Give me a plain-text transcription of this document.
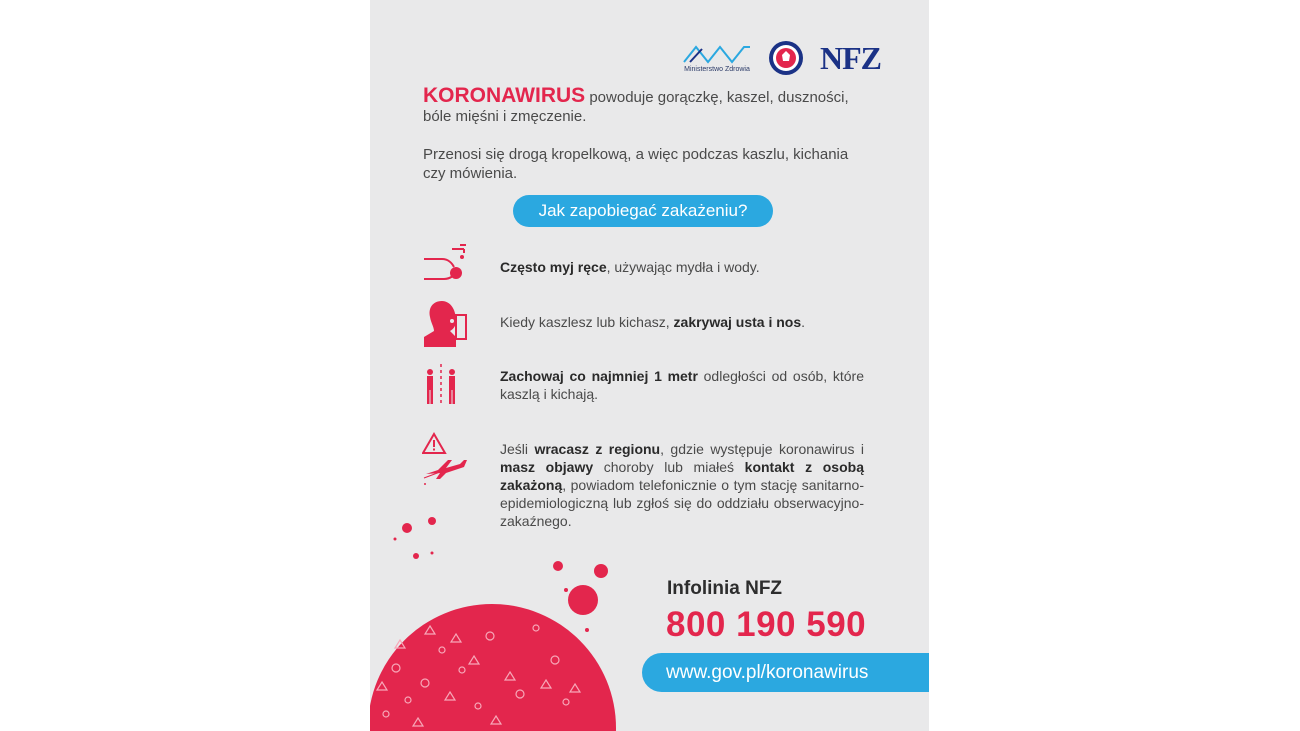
Ministerstwo Zdrowia NFZ

KORONAWIRUS powoduje gorączkę, kaszel, duszności, bóle mięśni i zmęczenie.

Przenosi się drogą kropelkową, a więc podczas kaszlu, kichania czy mówienia.

Jak zapobiegać zakażeniu?
Często myj ręce, używając mydła i wody.
Kiedy kaszlesz lub kichasz, zakrywaj usta i nos.
Zachowaj co najmniej 1 metr odległości od osób, które kaszlą i kichają.
Jeśli wracasz z regionu, gdzie występuje koronawirus i masz objawy choroby lub miałeś kontakt z osobą zakażoną, powiadom telefonicznie o tym stację sanitarno-epidemiologiczną lub zgłoś się do oddziału obserwacyjno-zakaźnego.
Infolinia NFZ
800 190 590
www.gov.pl/koronawirus
